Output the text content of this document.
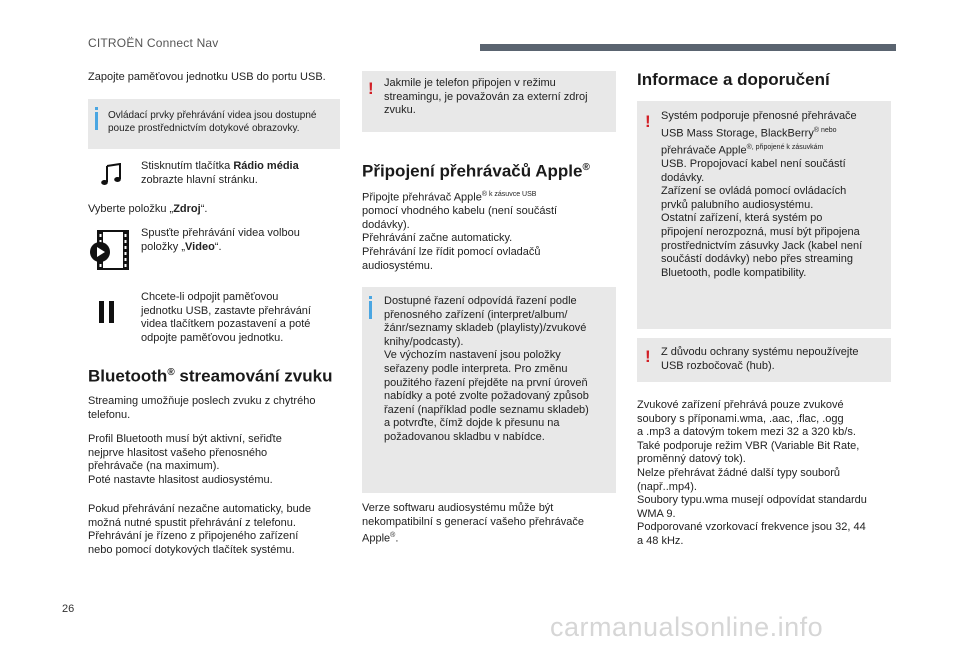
CITROËN Connect Nav
Zapojte paměťovou jednotku USB do portu USB.
Ovládací prvky přehrávání videa jsou dostupné
pouze prostřednictvím dotykové obrazovky.
Stisknutím tlačítka Rádio média
zobrazte hlavní stránku.
Vyberte položku „Zdroj“.
Spusťte přehrávání videa volbou
položky „Video“.
Chcete-li odpojit paměťovou
jednotku USB, zastavte přehrávání
videa tlačítkem pozastavení a poté
odpojte paměťovou jednotku.
Bluetooth® streamování zvuku
Streaming umožňuje poslech zvuku z chytrého
telefonu.
Profil Bluetooth musí být aktivní, seřiďte
nejprve hlasitost vašeho přenosného
přehrávače (na maximum).
Poté nastavte hlasitost audiosystému.
Pokud přehrávání nezačne automaticky, bude
možná nutné spustit přehrávání z telefonu.
Přehrávání je řízeno z připojeného zařízení
nebo pomocí dotykových tlačítek systému.
! Jakmile je telefon připojen v režimu
streamingu, je považován za externí zdroj
zvuku.
Připojení přehrávačů Apple®
Připojte přehrávač Apple$^{® k zásuvce USB}$
pomocí vhodného kabelu (není součástí
dodávky).
Přehrávání začne automaticky.
Přehrávání lze řídit pomocí ovladačů
audiosystému.
Dostupné řazení odpovídá řazení podle
přenosného zařízení (interpret/album/
žánr/seznamy skladeb (playlisty)/zvukové
knihy/podcasty).
Ve výchozím nastavení jsou položky
seřazeny podle interpreta. Pro změnu
použitého řazení přejděte na první úroveň
nabídky a poté zvolte požadovaný způsob
řazení (například podle seznamu skladeb)
a potvrďte, čímž dojde k přesunu na
požadovanou skladbu v nabídce.
Verze softwaru audiosystému může být
nekompatibilní s generací vašeho přehrávače
Apple®.
Informace a doporučení
! Systém podporuje přenosné přehrávače
USB Mass Storage, BlackBerry$^{® nebo}$
přehrávače Apple$^{®, připojené k zásuvkám}$
USB. Propojovací kabel není součástí
dodávky.
Zařízení se ovládá pomocí ovládacích
prvků palubního audiosystému.
Ostatní zařízení, která systém po
připojení nerozpozná, musí být připojena
prostřednictvím zásuvky Jack (kabel není
součástí dodávky) nebo přes streaming
Bluetooth, podle kompatibility.
! Z důvodu ochrany systému nepoužívejte
USB rozbočovač (hub).
Zvukové zařízení přehrává pouze zvukové
soubory s příponami.wma, .aac, .flac, .ogg
a .mp3 a datovým tokem mezi 32 a 320 kb/s.
Také podporuje režim VBR (Variable Bit Rate,
proměnný datový tok).
Nelze přehrávat žádné další typy souborů
(např..mp4).
Soubory typu.wma musejí odpovídat standardu
WMA 9.
Podporované vzorkovací frekvence jsou 32, 44
a 48 kHz.
26
carmanualsonline.info
